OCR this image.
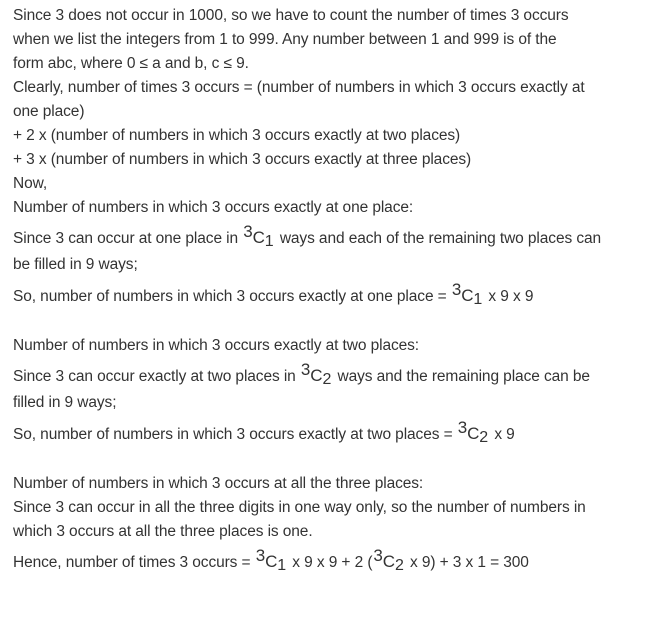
Since 3 does not occur in 1000, so we have to count the number of times 3 occurs
when we list the integers from 1 to 999. Any number between 1 and 999 is of the
form abc, where 0 ≤ a and b, c ≤ 9.
Clearly, number of times 3 occurs = (number of numbers in which 3 occurs exactly at
one place)
+ 2 x (number of numbers in which 3 occurs exactly at two places)
+ 3 x (number of numbers in which 3 occurs exactly at three places)
Now,
Number of numbers in which 3 occurs exactly at one place:
Since 3 can occur at one place in 3C1 ways and each of the remaining two places can
be filled in 9 ways;
So, number of numbers in which 3 occurs exactly at one place = 3C1 x 9 x 9
Number of numbers in which 3 occurs exactly at two places:
Since 3 can occur exactly at two places in 3C2 ways and the remaining place can be
filled in 9 ways;
So, number of numbers in which 3 occurs exactly at two places = 3C2 x 9
Number of numbers in which 3 occurs at all the three places:
Since 3 can occur in all the three digits in one way only, so the number of numbers in
which 3 occurs at all the three places is one.
Hence, number of times 3 occurs = 3C1 x 9 x 9 + 2 (3C2 x 9) + 3 x 1 = 300
